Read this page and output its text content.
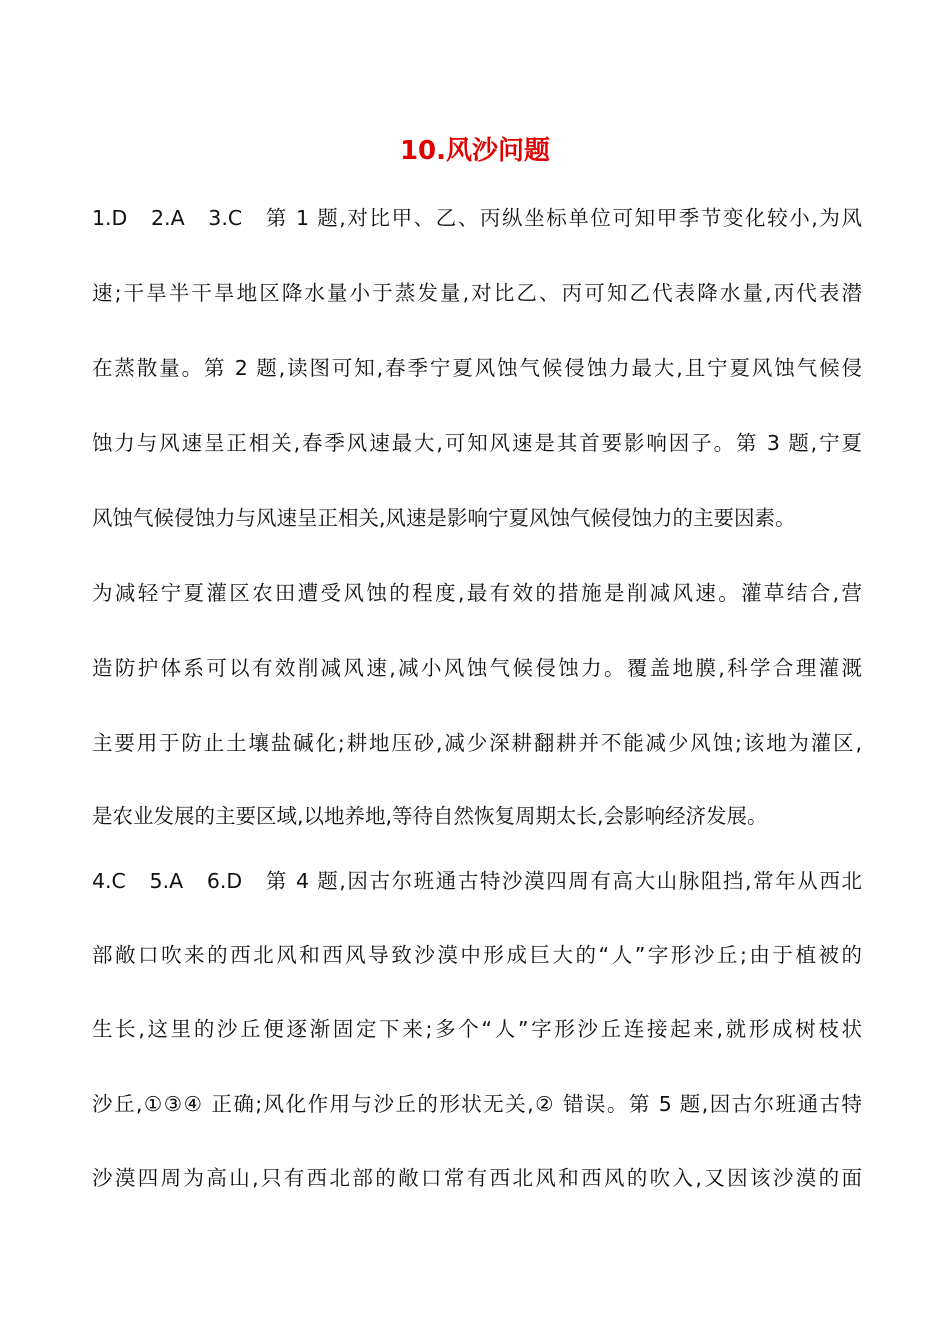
10.风沙问题
1.D　2.A　3.C　第 1 题,对比甲、乙、丙纵坐标单位可知甲季节变化较小,为风
速;干旱半干旱地区降水量小于蒸发量,对比乙、丙可知乙代表降水量,丙代表潜
在蒸散量。第 2 题,读图可知,春季宁夏风蚀气候侵蚀力最大,且宁夏风蚀气候侵
蚀力与风速呈正相关,春季风速最大,可知风速是其首要影响因子。第 3 题,宁夏
风蚀气候侵蚀力与风速呈正相关,风速是影响宁夏风蚀气候侵蚀力的主要因素。
为减轻宁夏灌区农田遭受风蚀的程度,最有效的措施是削减风速。灌草结合,营
造防护体系可以有效削减风速,减小风蚀气候侵蚀力。覆盖地膜,科学合理灌溉
主要用于防止土壤盐碱化;耕地压砂,减少深耕翻耕并不能减少风蚀;该地为灌区,
是农业发展的主要区域,以地养地,等待自然恢复周期太长,会影响经济发展。
4.C　5.A　6.D　第 4 题,因古尔班通古特沙漠四周有高大山脉阻挡,常年从西北
部敞口吹来的西北风和西风导致沙漠中形成巨大的“人”字形沙丘;由于植被的
生长,这里的沙丘便逐渐固定下来;多个“人”字形沙丘连接起来,就形成树枝状
沙丘,①③④ 正确;风化作用与沙丘的形状无关,② 错误。第 5 题,因古尔班通古特
沙漠四周为高山,只有西北部的敞口常有西北风和西风的吹入,又因该沙漠的面
